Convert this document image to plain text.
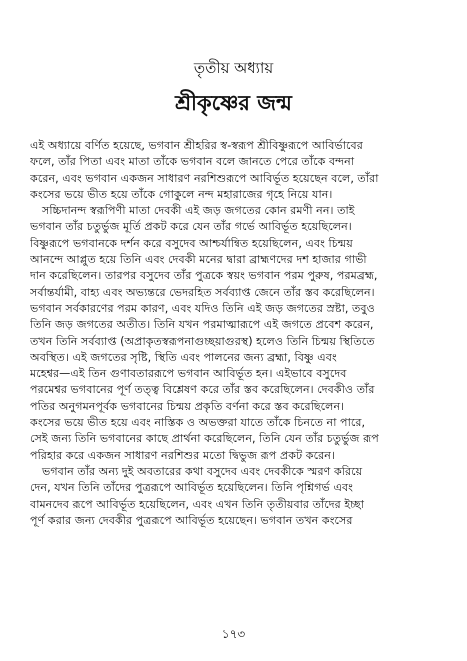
তৃতীয় অধ্যায়
শ্রীকৃষ্ণের জন্ম
এই অধ্যায়ে বর্ণিত হয়েছে, ভগবান শ্রীহরির স্ব-স্বরূপ শ্রীবিষ্ণুরূপে আবির্ভাবের
ফলে, তাঁর পিতা এবং মাতা তাঁকে ভগবান বলে জানতে পেরে তাঁকে বন্দনা
করেন, এবং ভগবান একজন সাধারণ নরশিশুরূপে আবির্ভূত হয়েছেন বলে, তাঁরা
কংসের ভয়ে ভীত হয়ে তাঁকে গোকুলে নন্দ মহারাজের গৃহে নিয়ে যান।
সচ্চিদানন্দ স্বরূপিণী মাতা দেবকী এই জড় জগতের কোন রমণী নন। তাই
ভগবান তাঁর চতুর্ভুজ মূর্তি প্রকট করে যেন তাঁর গর্ভে আবির্ভূত হয়েছিলেন।
বিষ্ণুরূপে ভগবানকে দর্শন করে বসুদেব আশ্চর্যান্বিত হয়েছিলেন, এবং চিন্ময়
আনন্দে আপ্লুত হয়ে তিনি এবং দেবকী মনের দ্বারা ব্রাহ্মণদের দশ হাজার গাভী
দান করেছিলেন। তারপর বসুদেব তাঁর পুত্রকে স্বয়ং ভগবান পরম পুরুষ, পরমব্রহ্ম,
সর্বান্তর্যামী, বাহ্য এবং অভ্যন্তরে ভেদরহিত সর্বব্যাপ্ত জেনে তাঁর স্তব করেছিলেন।
ভগবান সর্বকারণের পরম কারণ, এবং যদিও তিনি এই জড় জগতের স্রষ্টা, তবুও
তিনি জড় জগতের অতীত। তিনি যখন পরমাত্মারূপে এই জগতে প্রবেশ করেন,
তখন তিনি সর্বব্যাপ্ত (অপ্রাকৃতস্বরূপনাগুচ্ছয়াগুরস্থ) হলেও তিনি চিন্ময় স্থিতিতে
অবস্থিত। এই জগতের সৃষ্টি, স্থিতি এবং পালনের জন্য ব্রহ্মা, বিষ্ণু এবং
মহেশ্বর—এই তিন গুণাবতাররূপে ভগবান আবির্ভূত হন। এইভাবে বসুদেব
পরমেশ্বর ভগবানের পূর্ণ তত্ত্ব বিশ্লেষণ করে তাঁর স্তব করেছিলেন। দেবকীও তাঁর
পতির অনুগমনপূর্বক ভগবানের চিন্ময় প্রকৃতি বর্ণনা করে স্তব করেছিলেন।
কংসের ভয়ে ভীত হয়ে এবং নাস্তিক ও অভক্তরা যাতে তাঁকে চিনতে না পারে,
সেই জন্য তিনি ভগবানের কাছে প্রার্থনা করেছিলেন, তিনি যেন তাঁর চতুর্ভুজ রূপ
পরিহার করে একজন সাধারণ নরশিশুর মতো দ্বিভুজ রূপ প্রকট করেন।
ভগবান তাঁর অন্য দুই অবতারের কথা বসুদেব এবং দেবকীকে স্মরণ করিয়ে
দেন, যখন তিনি তাঁদের পুত্ররূপে আবির্ভূত হয়েছিলেন। তিনি পৃশ্নিগর্ভ এবং
বামনদেব রূপে আবির্ভূত হয়েছিলেন, এবং এখন তিনি তৃতীয়বার তাঁদের ইচ্ছা
পূর্ণ করার জন্য দেবকীর পুত্ররূপে আবির্ভূত হয়েছেন। ভগবান তখন কংসের
১৭৩
